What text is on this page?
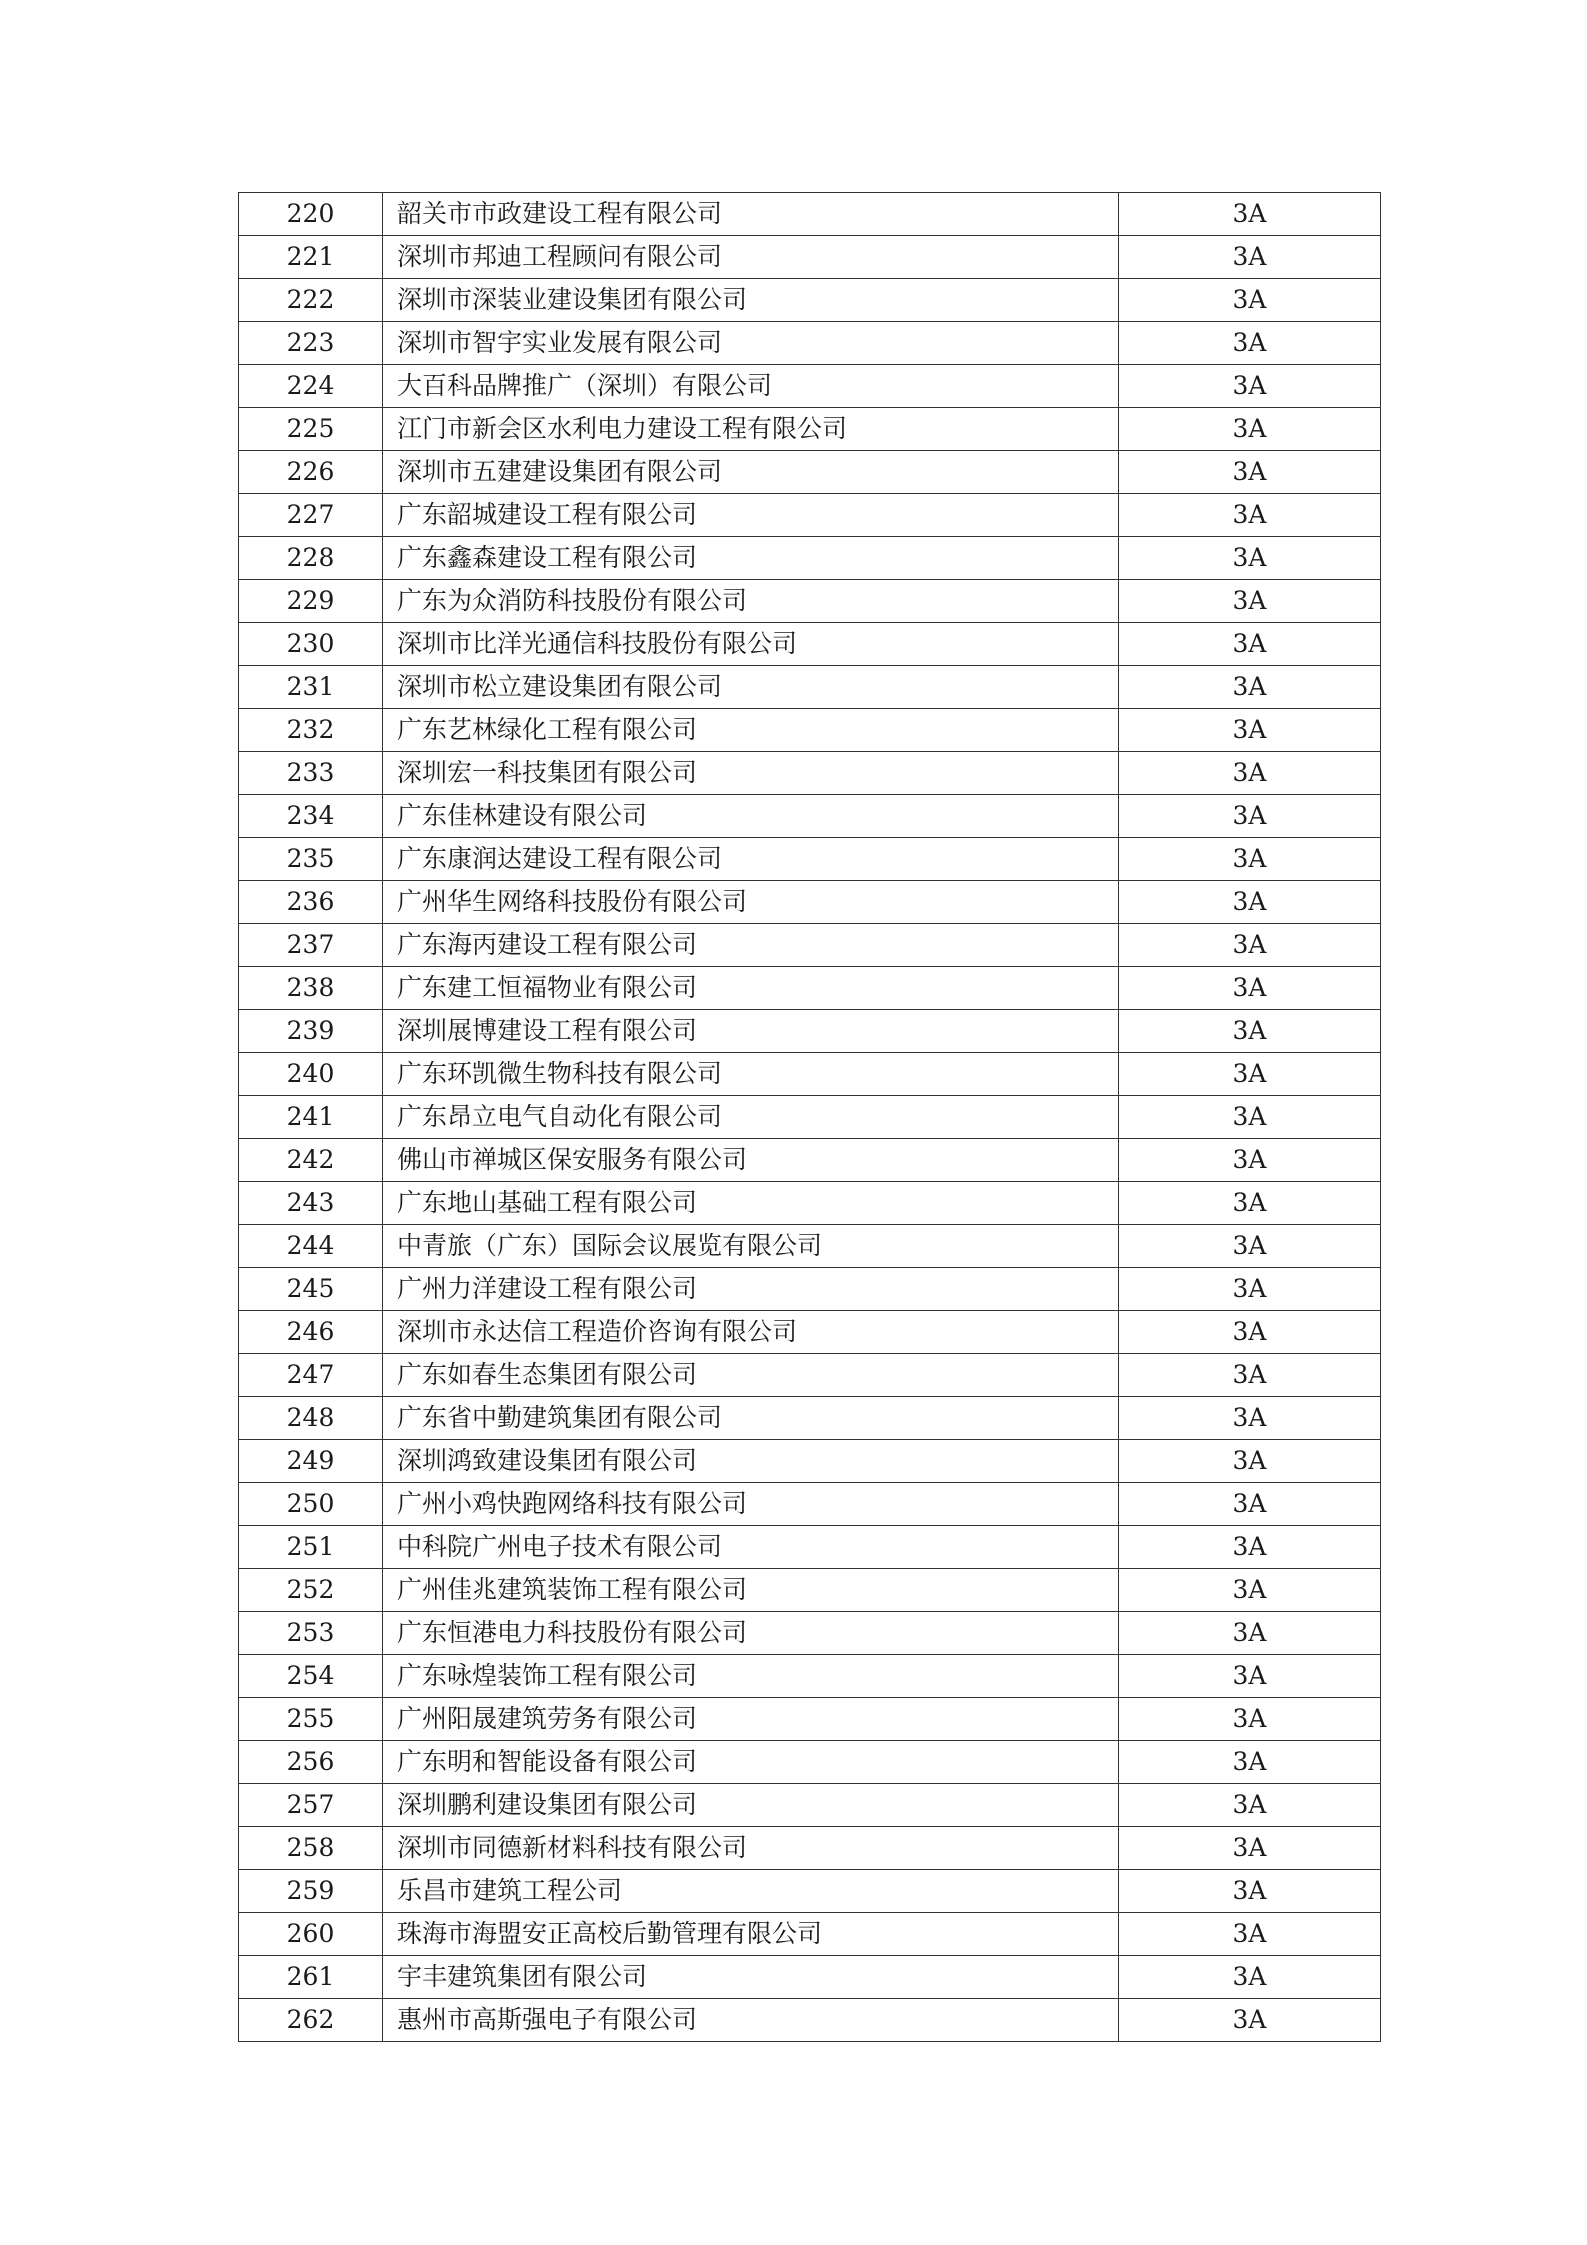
220	韶关市市政建设工程有限公司	3A
221	深圳市邦迪工程顾问有限公司	3A
222	深圳市深装业建设集团有限公司	3A
223	深圳市智宇实业发展有限公司	3A
224	大百科品牌推广（深圳）有限公司	3A
225	江门市新会区水利电力建设工程有限公司	3A
226	深圳市五建建设集团有限公司	3A
227	广东韶城建设工程有限公司	3A
228	广东鑫森建设工程有限公司	3A
229	广东为众消防科技股份有限公司	3A
230	深圳市比洋光通信科技股份有限公司	3A
231	深圳市松立建设集团有限公司	3A
232	广东艺林绿化工程有限公司	3A
233	深圳宏一科技集团有限公司	3A
234	广东佳林建设有限公司	3A
235	广东康润达建设工程有限公司	3A
236	广州华生网络科技股份有限公司	3A
237	广东海丙建设工程有限公司	3A
238	广东建工恒福物业有限公司	3A
239	深圳展博建设工程有限公司	3A
240	广东环凯微生物科技有限公司	3A
241	广东昂立电气自动化有限公司	3A
242	佛山市禅城区保安服务有限公司	3A
243	广东地山基础工程有限公司	3A
244	中青旅（广东）国际会议展览有限公司	3A
245	广州力洋建设工程有限公司	3A
246	深圳市永达信工程造价咨询有限公司	3A
247	广东如春生态集团有限公司	3A
248	广东省中勤建筑集团有限公司	3A
249	深圳鸿致建设集团有限公司	3A
250	广州小鸡快跑网络科技有限公司	3A
251	中科院广州电子技术有限公司	3A
252	广州佳兆建筑装饰工程有限公司	3A
253	广东恒港电力科技股份有限公司	3A
254	广东咏煌装饰工程有限公司	3A
255	广州阳晟建筑劳务有限公司	3A
256	广东明和智能设备有限公司	3A
257	深圳鹏利建设集团有限公司	3A
258	深圳市同德新材料科技有限公司	3A
259	乐昌市建筑工程公司	3A
260	珠海市海盟安正高校后勤管理有限公司	3A
261	宇丰建筑集团有限公司	3A
262	惠州市高斯强电子有限公司	3A
